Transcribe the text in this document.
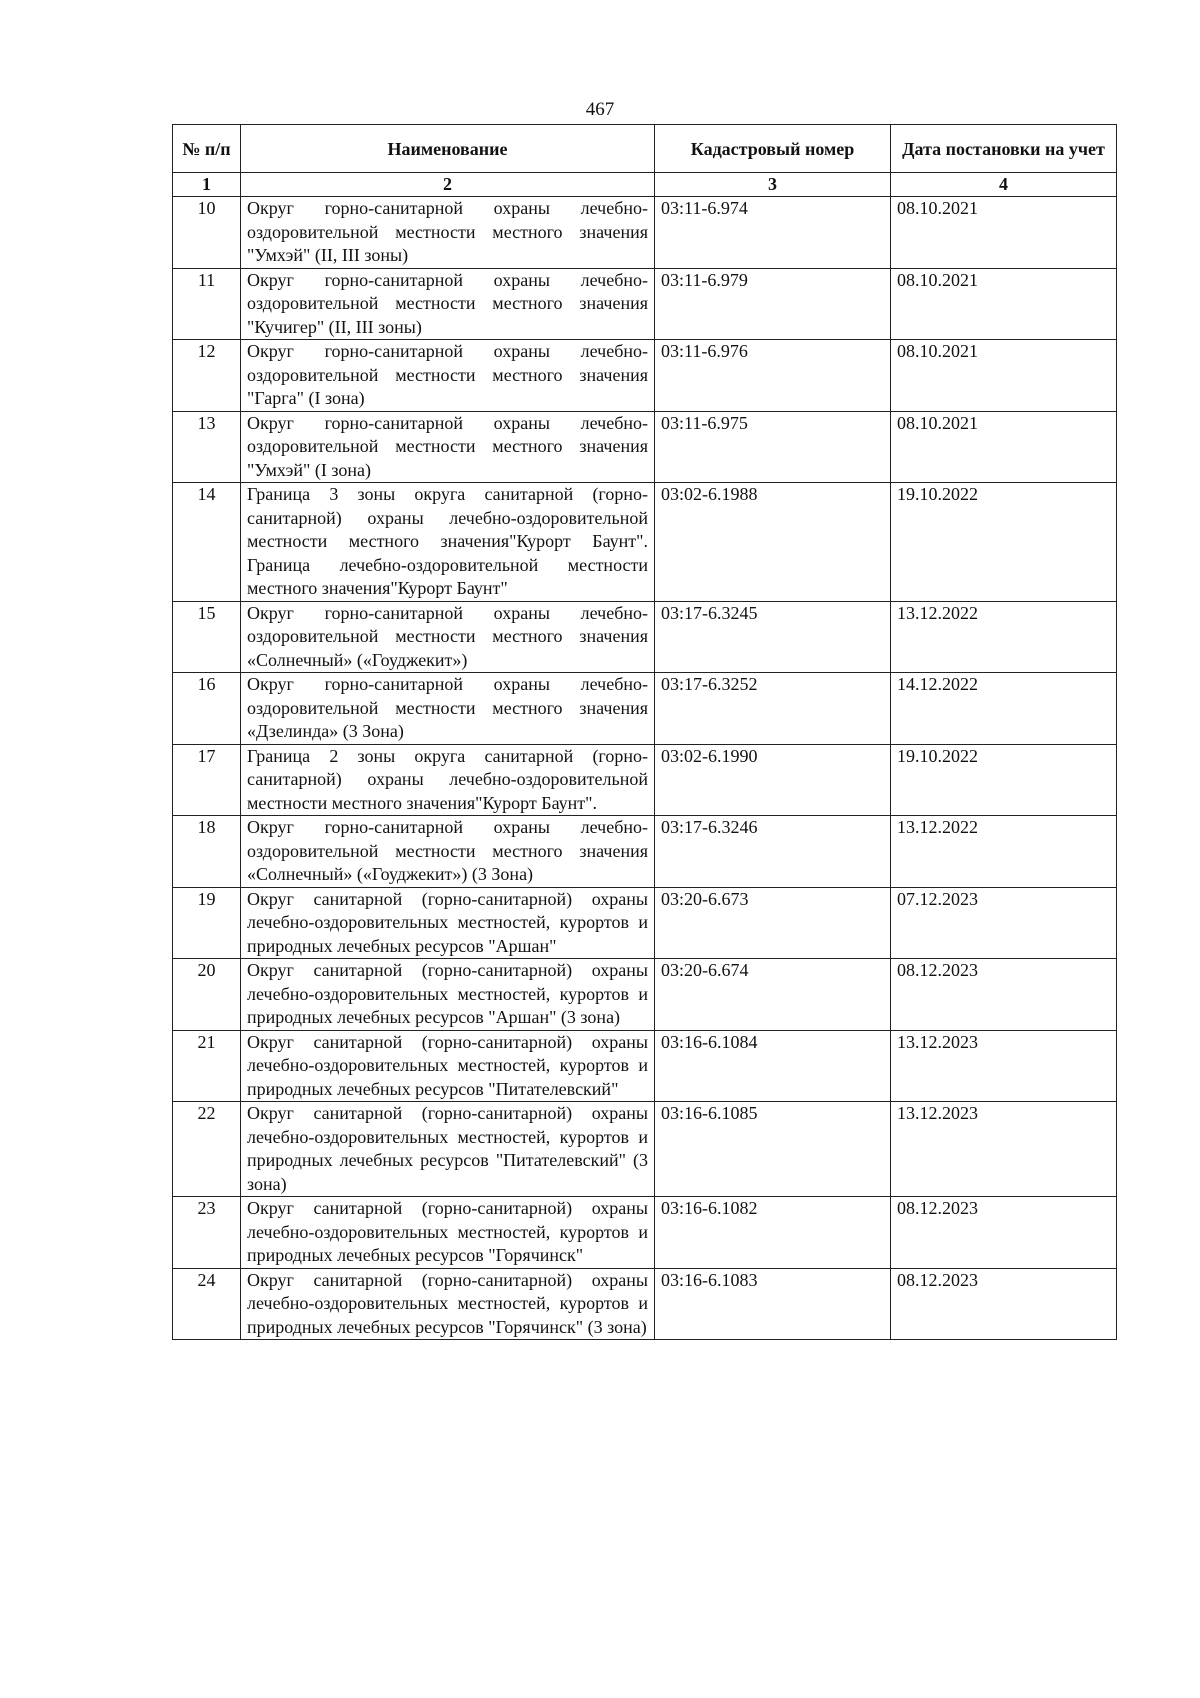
467
№ п/п	Наименование	Кадастровый номер	Дата постановки на учет
1	2	3	4
10	Округ горно-санитарной охраны лечебно-оздоровительной местности местного значения "Умхэй" (II, III зоны)	03:11-6.974	08.10.2021
11	Округ горно-санитарной охраны лечебно-оздоровительной местности местного значения "Кучигер" (II, III зоны)	03:11-6.979	08.10.2021
12	Округ горно-санитарной охраны лечебно-оздоровительной местности местного значения "Гарга" (I зона)	03:11-6.976	08.10.2021
13	Округ горно-санитарной охраны лечебно-оздоровительной местности местного значения "Умхэй" (I зона)	03:11-6.975	08.10.2021
14	Граница 3 зоны округа санитарной (горно-санитарной) охраны лечебно-оздоровительной местности местного значения"Курорт Баунт". Граница лечебно-оздоровительной местности местного значения"Курорт Баунт"	03:02-6.1988	19.10.2022
15	Округ горно-санитарной охраны лечебно-оздоровительной местности местного значения «Солнечный» («Гоуджекит»)	03:17-6.3245	13.12.2022
16	Округ горно-санитарной охраны лечебно-оздоровительной местности местного значения «Дзелинда» (3 Зона)	03:17-6.3252	14.12.2022
17	Граница 2 зоны округа санитарной (горно-санитарной) охраны лечебно-оздоровительной местности местного значения"Курорт Баунт".	03:02-6.1990	19.10.2022
18	Округ горно-санитарной охраны лечебно-оздоровительной местности местного значения «Солнечный» («Гоуджекит») (3 Зона)	03:17-6.3246	13.12.2022
19	Округ санитарной (горно-санитарной) охраны лечебно-оздоровительных местностей, курортов и природных лечебных ресурсов "Аршан"	03:20-6.673	07.12.2023
20	Округ санитарной (горно-санитарной) охраны лечебно-оздоровительных местностей, курортов и природных лечебных ресурсов "Аршан" (3 зона)	03:20-6.674	08.12.2023
21	Округ санитарной (горно-санитарной) охраны лечебно-оздоровительных местностей, курортов и природных лечебных ресурсов "Питателевский"	03:16-6.1084	13.12.2023
22	Округ санитарной (горно-санитарной) охраны лечебно-оздоровительных местностей, курортов и природных лечебных ресурсов "Питателевский" (3 зона)	03:16-6.1085	13.12.2023
23	Округ санитарной (горно-санитарной) охраны лечебно-оздоровительных местностей, курортов и природных лечебных ресурсов "Горячинск"	03:16-6.1082	08.12.2023
24	Округ санитарной (горно-санитарной) охраны лечебно-оздоровительных местностей, курортов и природных лечебных ресурсов "Горячинск" (3 зона)	03:16-6.1083	08.12.2023
